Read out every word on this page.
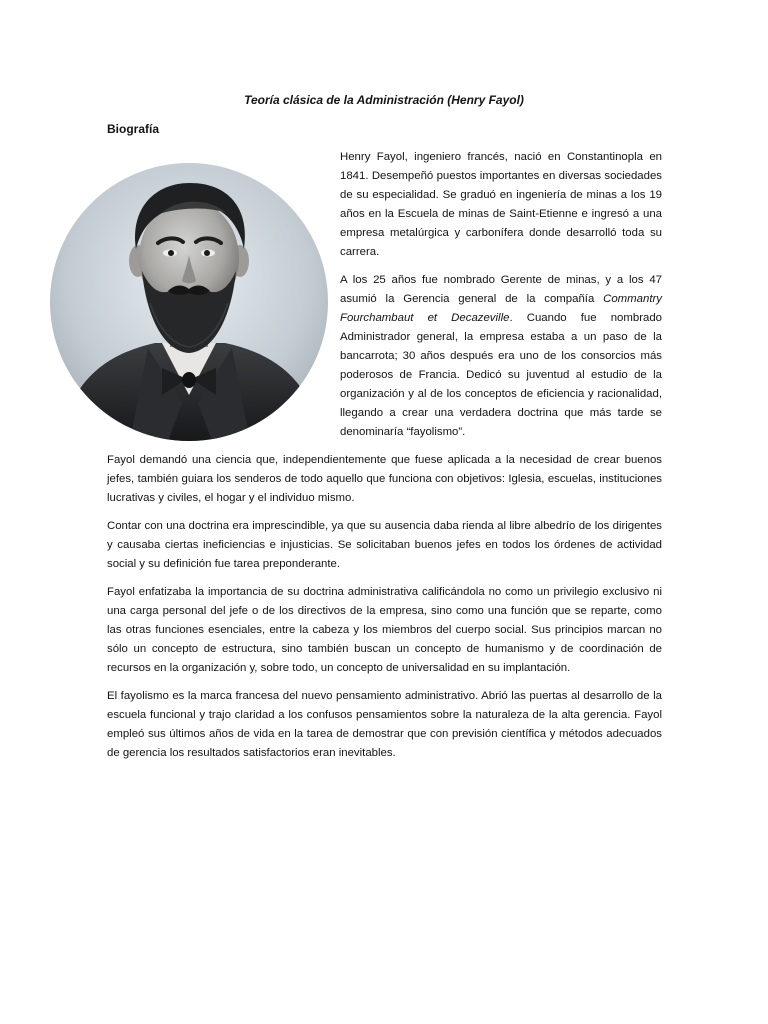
Teoría clásica de la Administración (Henry Fayol)
Biografía

Henry Fayol, ingeniero francés, nació en Constantinopla en 1841. Desempeñó puestos importantes en diversas sociedades de su especialidad. Se graduó en ingeniería de minas a los 19 años en la Escuela de minas de Saint-Etienne e ingresó a una empresa metalúrgica y carbonífera donde desarrolló toda su carrera.

A los 25 años fue nombrado Gerente de minas, y a los 47 asumió la Gerencia general de la compañía Commantry Fourchambaut et Decazeville. Cuando fue nombrado Administrador general, la empresa estaba a un paso de la bancarrota; 30 años después era uno de los consorcios más poderosos de Francia. Dedicó su juventud al estudio de la organización y al de los conceptos de eficiencia y racionalidad, llegando a crear una verdadera doctrina que más tarde se denominaría “fayolismo”.

Fayol demandó una ciencia que, independientemente que fuese aplicada a la necesidad de crear buenos jefes, también guiara los senderos de todo aquello que funciona con objetivos: Iglesia, escuelas, instituciones lucrativas y civiles, el hogar y el individuo mismo.

Contar con una doctrina era imprescindible, ya que su ausencia daba rienda al libre albedrío de los dirigentes y causaba ciertas ineficiencias e injusticias. Se solicitaban buenos jefes en todos los órdenes de actividad social y su definición fue tarea preponderante.

Fayol enfatizaba la importancia de su doctrina administrativa calificándola no como un privilegio exclusivo ni una carga personal del jefe o de los directivos de la empresa, sino como una función que se reparte, como las otras funciones esenciales, entre la cabeza y los miembros del cuerpo social. Sus principios marcan no sólo un concepto de estructura, sino también buscan un concepto de humanismo y de coordinación de recursos en la organización y, sobre todo, un concepto de universalidad en su implantación.

El fayolismo es la marca francesa del nuevo pensamiento administrativo. Abrió las puertas al desarrollo de la escuela funcional y trajo claridad a los confusos pensamientos sobre la naturaleza de la alta gerencia. Fayol empleó sus últimos años de vida en la tarea de demostrar que con previsión científica y métodos adecuados de gerencia los resultados satisfactorios eran inevitables.
